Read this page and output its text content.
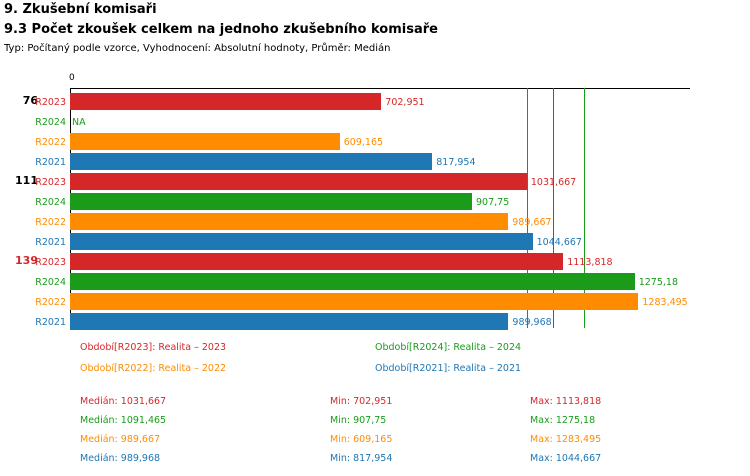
9. Zkušební komisaři
9.3 Počet zkoušek celkem na jednoho zkušebního komisaře
Typ: Počítaný podle vzorce, Vyhodnocení: Absolutní hodnoty, Průměr: Medián
0
Období[R2023]: Realita – 2023	Období[R2024]: Realita – 2024
Období[R2022]: Realita – 2022	Období[R2021]: Realita – 2021
Medián: 1031,667	Min: 702,951	Max: 1113,818
Medián: 1091,465	Min: 907,75	Max: 1275,18
Medián: 989,667	Min: 609,165	Max: 1283,495
Medián: 989,968	Min: 817,954	Max: 1044,667
76
R2023	702,951
R2024 NA
R2022	609,165
R2021	817,954
111
R2023	1031,667
R2024	907,75
R2022	989,667
R2021	1044,667
139
R2023	1113,818
R2024	1275,18
R2022	1283,495
R2021	989,968
